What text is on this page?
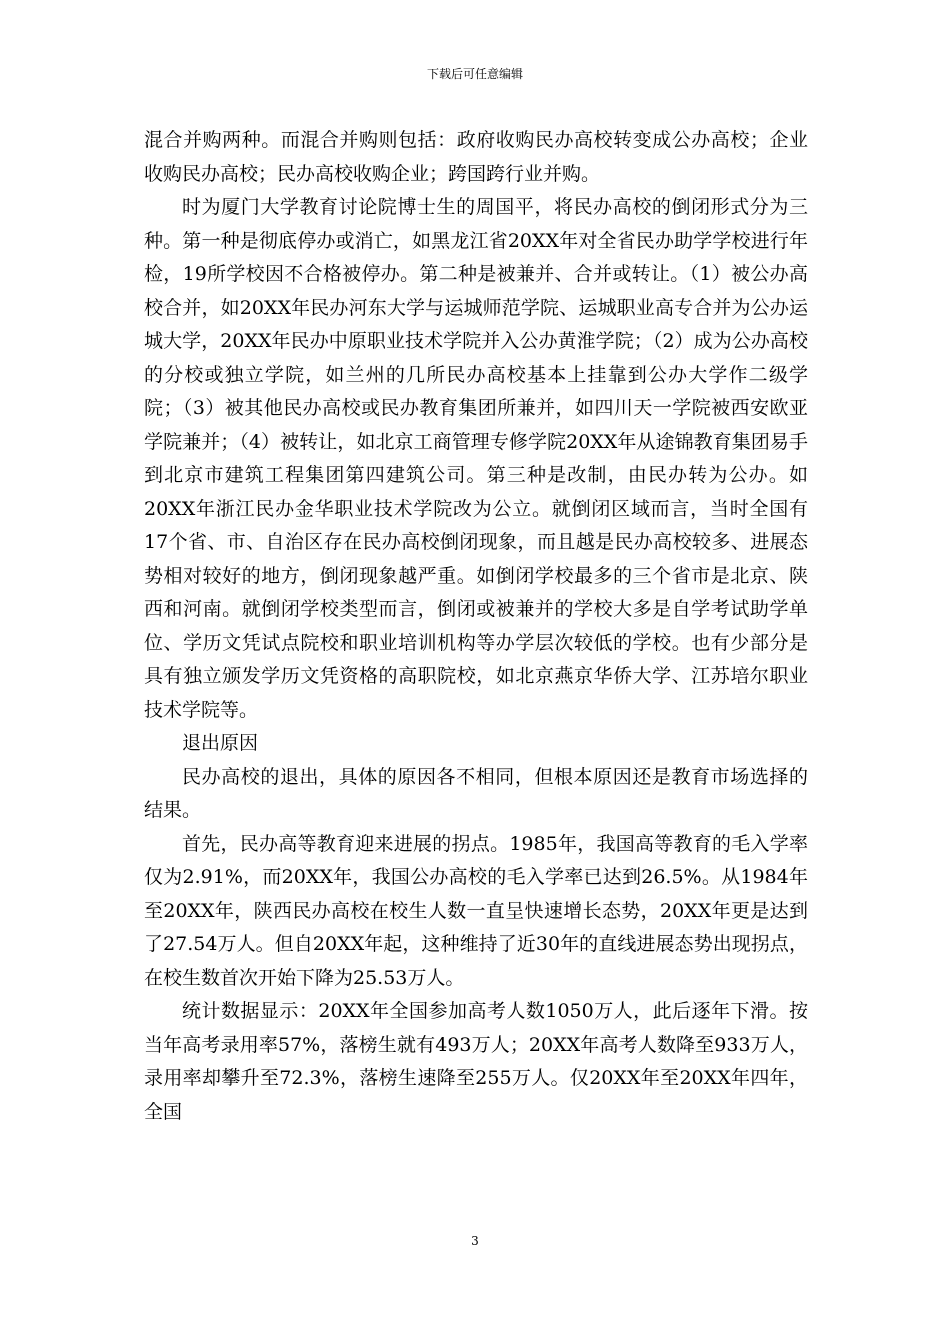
下载后可任意编辑

混合并购两种。而混合并购则包括：政府收购民办高校转变成公办高校；企业收购民办高校；民办高校收购企业；跨国跨行业并购。

时为厦门大学教育讨论院博士生的周国平，将民办高校的倒闭形式分为三种。第一种是彻底停办或消亡，如黑龙江省20XX年对全省民办助学学校进行年检，19所学校因不合格被停办。第二种是被兼并、合并或转让。（1）被公办高校合并，如20XX年民办河东大学与运城师范学院、运城职业高专合并为公办运城大学，20XX年民办中原职业技术学院并入公办黄淮学院；（2）成为公办高校的分校或独立学院，如兰州的几所民办高校基本上挂靠到公办大学作二级学院；（3）被其他民办高校或民办教育集团所兼并，如四川天一学院被西安欧亚学院兼并；（4）被转让，如北京工商管理专修学院20XX年从途锦教育集团易手到北京市建筑工程集团第四建筑公司。第三种是改制，由民办转为公办。如20XX年浙江民办金华职业技术学院改为公立。就倒闭区域而言，当时全国有17个省、市、自治区存在民办高校倒闭现象，而且越是民办高校较多、进展态势相对较好的地方，倒闭现象越严重。如倒闭学校最多的三个省市是北京、陕西和河南。就倒闭学校类型而言，倒闭或被兼并的学校大多是自学考试助学单位、学历文凭试点院校和职业培训机构等办学层次较低的学校。也有少部分是具有独立颁发学历文凭资格的高职院校，如北京燕京华侨大学、江苏培尔职业技术学院等。

退出原因

民办高校的退出，具体的原因各不相同，但根本原因还是教育市场选择的结果。

首先，民办高等教育迎来进展的拐点。1985年，我国高等教育的毛入学率仅为2.91%，而20XX年，我国公办高校的毛入学率已达到26.5%。从1984年至20XX年，陕西民办高校在校生人数一直呈快速增长态势，20XX年更是达到了27.54万人。但自20XX年起，这种维持了近30年的直线进展态势出现拐点，在校生数首次开始下降为25.53万人。

统计数据显示：20XX年全国参加高考人数1050万人，此后逐年下滑。按当年高考录用率57%，落榜生就有493万人；20XX年高考人数降至933万人，录用率却攀升至72.3%，落榜生速降至255万人。仅20XX年至20XX年四年，全国

3
